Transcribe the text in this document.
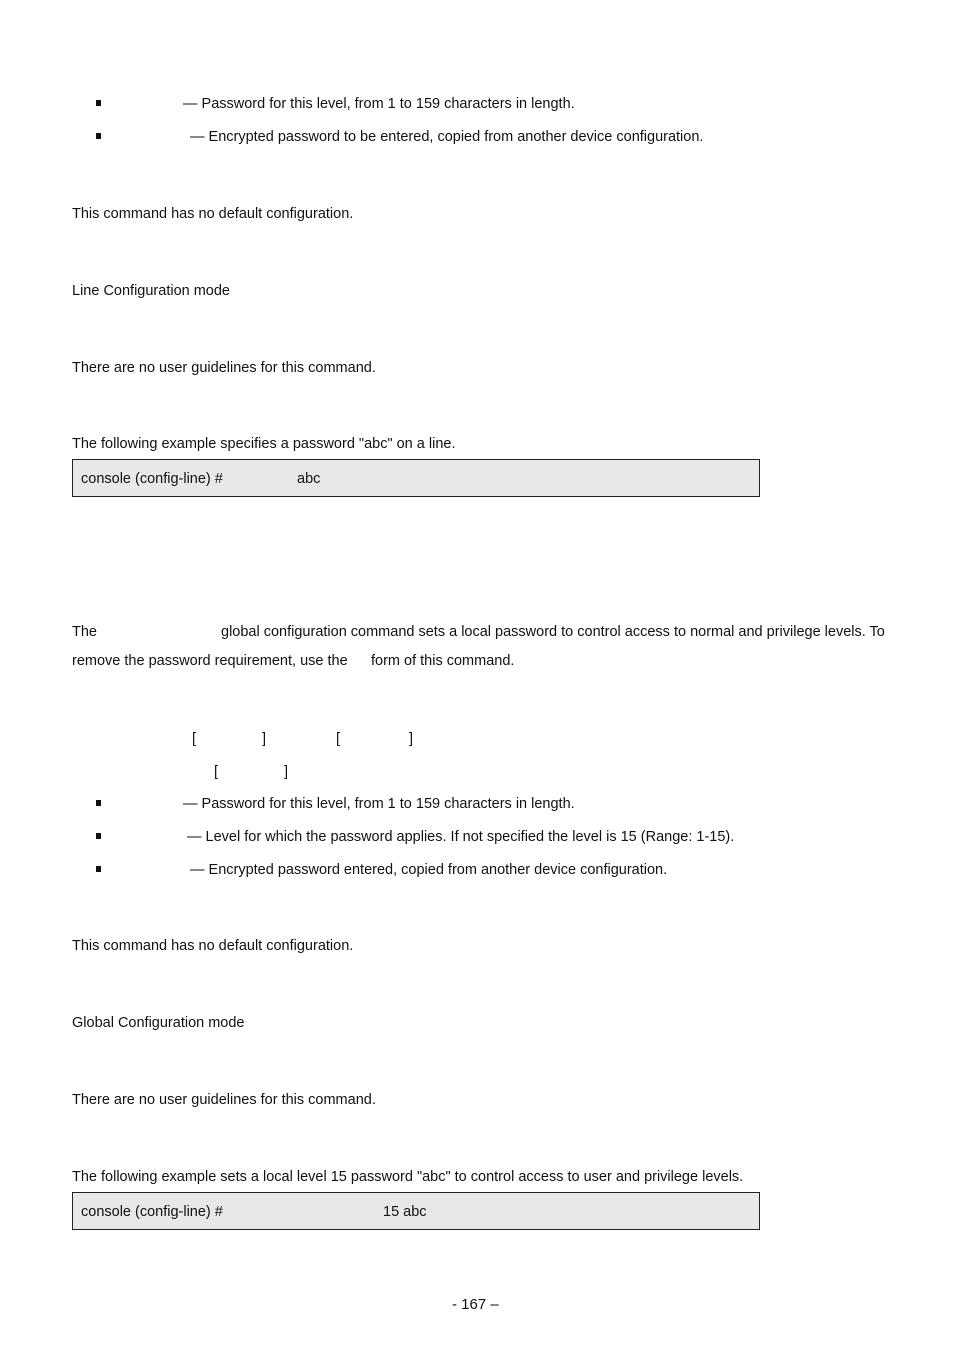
— Password for this level, from 1 to 159 characters in length.
— Encrypted password to be entered, copied from another device configuration.
This command has no default configuration.
Line Configuration mode
There are no user guidelines for this command.
The following example specifies a password "abc" on a line.
console (config-line) #	abc
The	global configuration command sets a local password to control access to normal and privilege levels. To
remove the password requirement, use the form of this command.
[	]	[	]
[	]
— Password for this level, from 1 to 159 characters in length.
— Level for which the password applies. If not specified the level is 15 (Range: 1-15).
— Encrypted password entered, copied from another device configuration.
This command has no default configuration.
Global Configuration mode
There are no user guidelines for this command.
The following example sets a local level 15 password "abc" to control access to user and privilege levels.
console (config-line) #	15 abc
- 167 –
